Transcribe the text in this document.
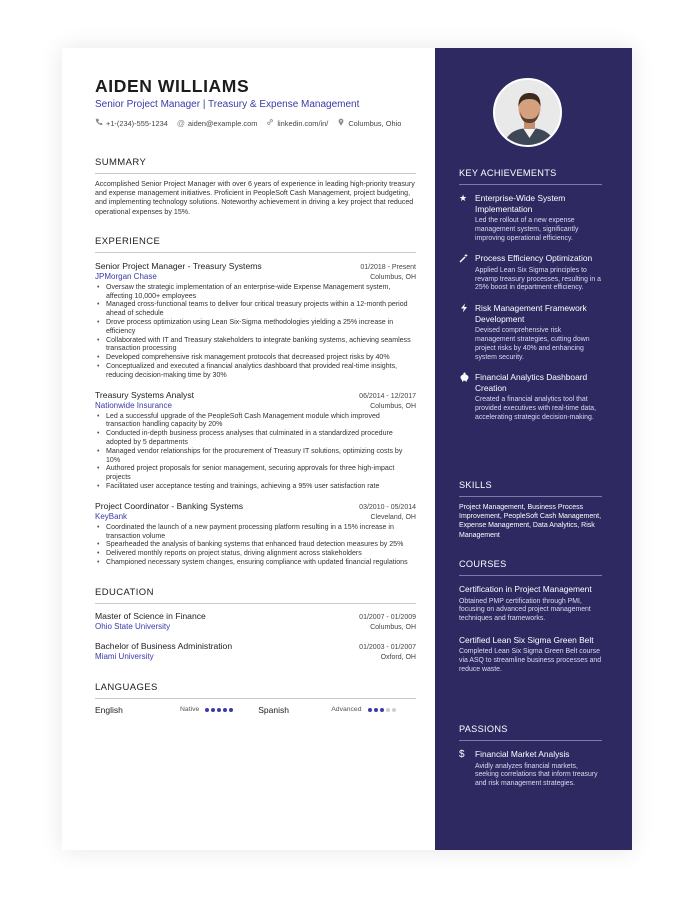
AIDEN WILLIAMS
Senior Project Manager | Treasury & Expense Management
+1-(234)-555-1234 @ aiden@example.com	linkedin.com/in/	Columbus, Ohio
SUMMARY
Accomplished Senior Project Manager with over 6 years of experience in leading high-priority treasury and expense management initiatives. Proficient in PeopleSoft Cash Management, project budgeting, and implementing technology solutions. Noteworthy achievement in driving a key project that reduced operational expenses by 15%.
EXPERIENCE
Senior Project Manager - Treasury Systems	01/2018 - Present
JPMorgan Chase	Columbus, OH
• Oversaw the strategic implementation of an enterprise-wide Expense Management system, affecting 10,000+ employees
• Managed cross-functional teams to deliver four critical treasury projects within a 12-month period ahead of schedule
• Drove process optimization using Lean Six-Sigma methodologies yielding a 25% increase in efficiency
• Collaborated with IT and Treasury stakeholders to integrate banking systems, achieving seamless transaction processing
• Developed comprehensive risk management protocols that decreased project risks by 40%
• Conceptualized and executed a financial analytics dashboard that provided real-time insights, reducing decision-making time by 30%
Treasury Systems Analyst	06/2014 - 12/2017
Nationwide Insurance	Columbus, OH
• Led a successful upgrade of the PeopleSoft Cash Management module which improved transaction handling capacity by 20%
• Conducted in-depth business process analyses that culminated in a standardized procedure adopted by 5 departments
• Managed vendor relationships for the procurement of Treasury IT solutions, optimizing costs by 10%
• Authored project proposals for senior management, securing approvals for three high-impact projects
• Facilitated user acceptance testing and trainings, achieving a 95% user satisfaction rate
Project Coordinator - Banking Systems	03/2010 - 05/2014
KeyBank	Cleveland, OH
• Coordinated the launch of a new payment processing platform resulting in a 15% increase in transaction volume
• Spearheaded the analysis of banking systems that enhanced fraud detection measures by 25%
• Delivered monthly reports on project status, driving alignment across stakeholders
• Championed necessary system changes, ensuring compliance with updated financial regulations
EDUCATION
Master of Science in Finance	01/2007 - 01/2009
Ohio State University	Columbus, OH
Bachelor of Business Administration	01/2003 - 01/2007
Miami University	Oxford, OH
LANGUAGES
English	Native	Spanish	Advanced
KEY ACHIEVEMENTS
★ Enterprise-Wide System Implementation
Led the rollout of a new expense management system, significantly improving operational efficiency.
Process Efficiency Optimization
Applied Lean Six Sigma principles to revamp treasury processes, resulting in a 25% boost in department efficiency.
Risk Management Framework Development
Devised comprehensive risk management strategies, cutting down project risks by 40% and enhancing system security.
Financial Analytics Dashboard Creation
Created a financial analytics tool that provided executives with real-time data, accelerating strategic decision-making.
SKILLS
Project Management, Business Process Improvement, PeopleSoft Cash Management, Expense Management, Data Analytics, Risk Management
COURSES
Certification in Project Management
Obtained PMP certification through PMI, focusing on advanced project management techniques and frameworks.
Certified Lean Six Sigma Green Belt
Completed Lean Six Sigma Green Belt course via ASQ to streamline business processes and reduce waste.
PASSIONS
$	Financial Market Analysis
Avidly analyzes financial markets, seeking correlations that inform treasury and risk management strategies.
